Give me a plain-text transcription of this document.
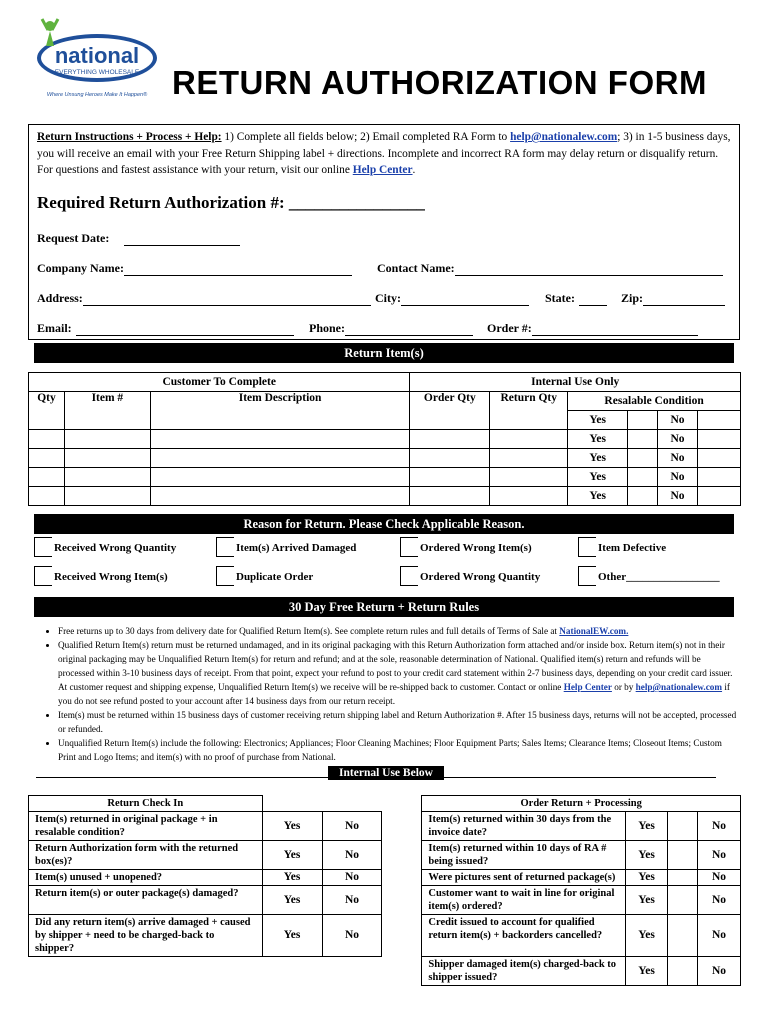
national
EVERYTHING WHOLESALE
Where Unsung Heroes Make It Happen® RETURN AUTHORIZATION FORM
Return Instructions + Process + Help: 1) Complete all fields below; 2) Email completed RA Form to help@nationalew.com; 3) in 1-5 business days, you will receive an email with your Free Return Shipping label + directions. Incomplete and incorrect RA form may delay return or disqualify return. For questions and fastest assistance with your return, visit our online Help Center.
Required Return Authorization #: ________________
Request Date:
Company Name:	Contact Name:
Address:	City:	State:	Zip:
Email:	Phone:	Order #:
Return Item(s)
Customer To Complete			Internal Use Only					
Qty	Item #	Item Description	Order Qty	Return Qty	Resalable Condition			
					Yes		No	
					Yes		No	
					Yes		No	
					Yes		No	
					Yes		No	
Reason for Return. Please Check Applicable Reason.
Received Wrong Quantity	Item(s) Arrived Damaged	Ordered Wrong Item(s)	Item Defective
Received Wrong Item(s)	Duplicate Order	Ordered Wrong Quantity	Other_________________
30 Day Free Return + Return Rules
• Free returns up to 30 days from delivery date for Qualified Return Item(s). See complete return rules and full details of Terms of Sale at NationalEW.com.
• Qualified Return Item(s) return must be returned undamaged, and in its original packaging with this Return Authorization form attached and/or inside box. Return item(s) not in their original packaging may be Unqualified Return Item(s) for return and refund; and at the sole, reasonable determination of National. Qualified item(s) return and refunds will be processed within 3-10 business days of receipt. From that point, expect your refund to post to your credit card statement within 2-7 business days, depending on your credit card issuer. At customer request and shipping expense, Unqualified Return Item(s) we receive will be re-shipped back to customer. Contact or online Help Center or by help@nationalew.com if you do not see refund posted to your account after 14 business days from our return receipt.
• Item(s) must be returned within 15 business days of customer receiving return shipping label and Return Authorization #. After 15 business days, returns will not be accepted, processed or refunded.
• Unqualified Return Item(s) include the following: Electronics; Appliances; Floor Cleaning Machines; Floor Equipment Parts; Sales Items; Clearance Items; Closeout Items; Custom Print and Logo Items; and item(s) with no proof of purchase from National.
Internal Use Below
Return Check In				Order Return + Processing			
Item(s) returned in original package + in resalable condition?	Yes	No		Item(s) returned within 30 days from the invoice date?	Yes		No
Return Authorization form with the returned box(es)?	Yes	No		Item(s) returned within 10 days of RA # being issued?	Yes		No
Item(s) unused + unopened?	Yes	No		Were pictures sent of returned package(s)	Yes		No
Return item(s) or outer package(s) damaged?	Yes	No		Customer want to wait in line for original item(s) ordered?	Yes		No
Did any return item(s) arrive damaged + caused by shipper + need to be charged-back to shipper?	Yes	No		Credit issued to account for qualified return item(s) + backorders cancelled?	Yes		No
				Shipper damaged item(s) charged-back to shipper issued?	Yes		No
